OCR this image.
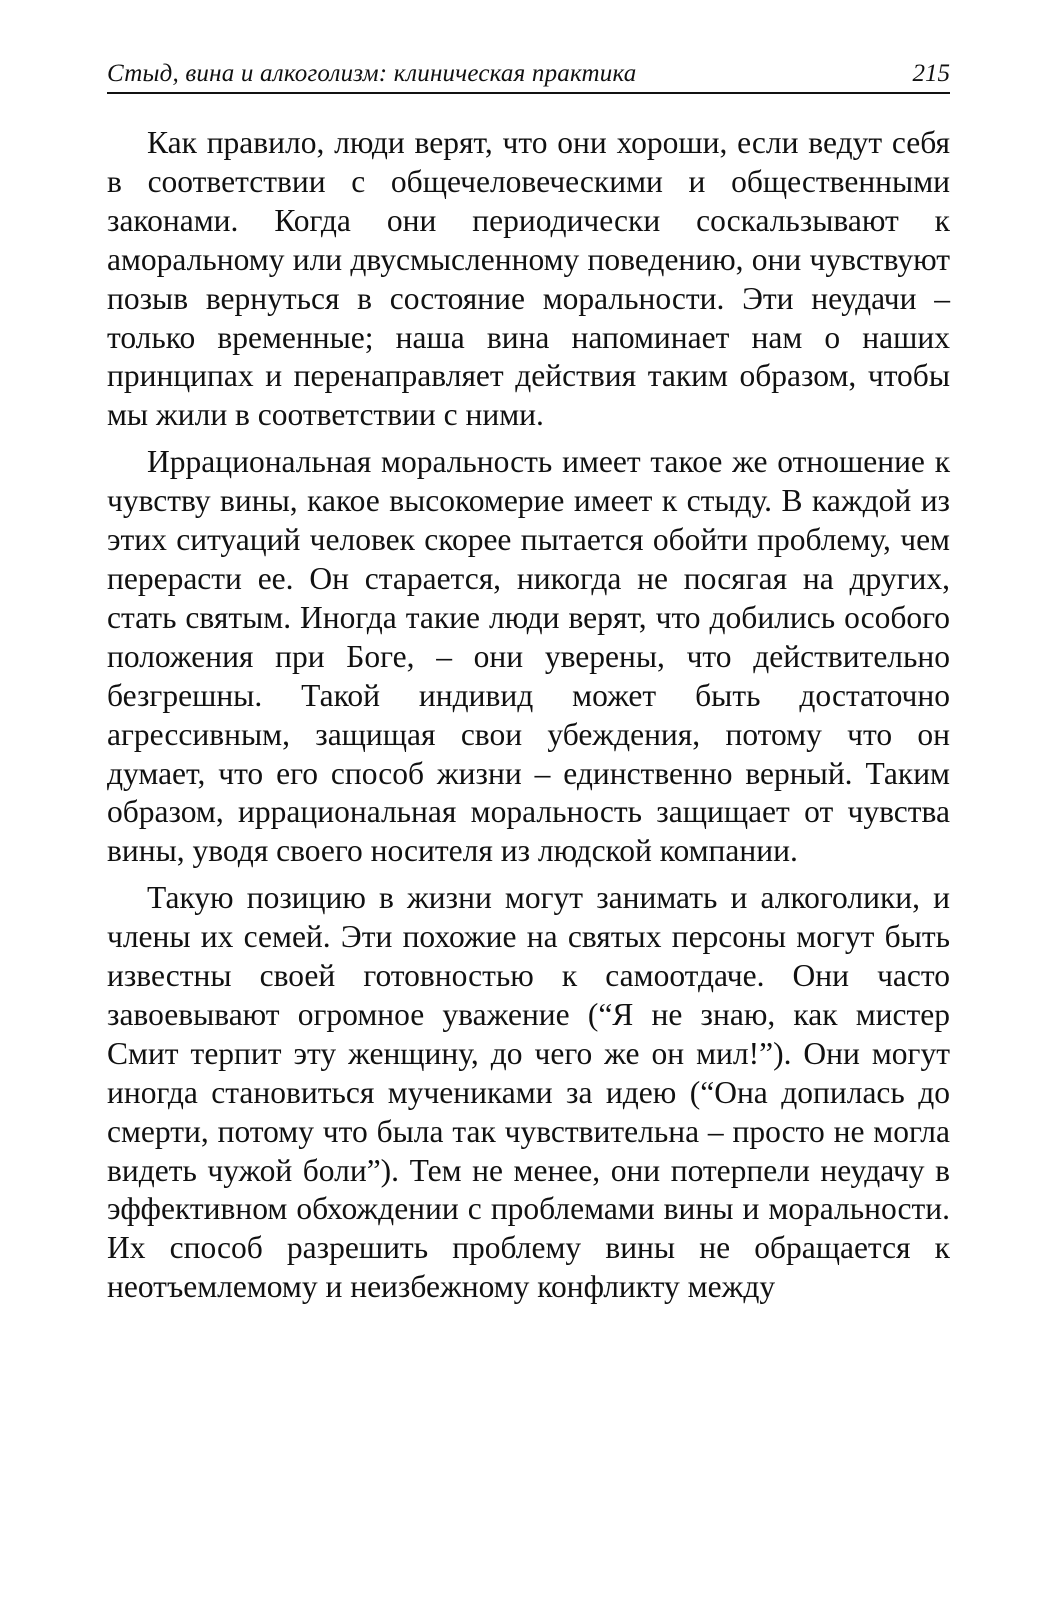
Стыд, вина и алкоголизм: клиническая практика	215

Как правило, люди верят, что они хороши, если ведут себя в соответствии с общечеловеческими и общественными законами. Когда они периодически соскальзывают к аморальному или двусмысленному поведению, они чувствуют позыв вернуться в состояние моральности. Эти неудачи – только временные; наша вина напоминает нам о наших принципах и перенаправляет действия таким образом, чтобы мы жили в соответствии с ними.

Иррациональная моральность имеет такое же отношение к чувству вины, какое высокомерие имеет к стыду. В каждой из этих ситуаций человек скорее пытается обойти проблему, чем перерасти ее. Он старается, никогда не посягая на других, стать святым. Иногда такие люди верят, что добились особого положения при Боге, – они уверены, что действительно безгрешны. Такой индивид может быть достаточно агрессивным, защищая свои убеждения, потому что он думает, что его способ жизни – единственно верный. Таким образом, иррациональная моральность защищает от чувства вины, уводя своего носителя из людской компании.

Такую позицию в жизни могут занимать и алкоголики, и члены их семей. Эти похожие на святых персоны могут быть известны своей готовностью к самоотдаче. Они часто завоевывают огромное уважение (“Я не знаю, как мистер Смит терпит эту женщину, до чего же он мил!”). Они могут иногда становиться мучениками за идею (“Она допилась до смерти, потому что была так чувствительна – просто не могла видеть чужой боли”). Тем не менее, они потерпели неудачу в эффективном обхождении с проблемами вины и моральности. Их способ разрешить проблему вины не обращается к неотъемлемому и неизбежному конфликту между
